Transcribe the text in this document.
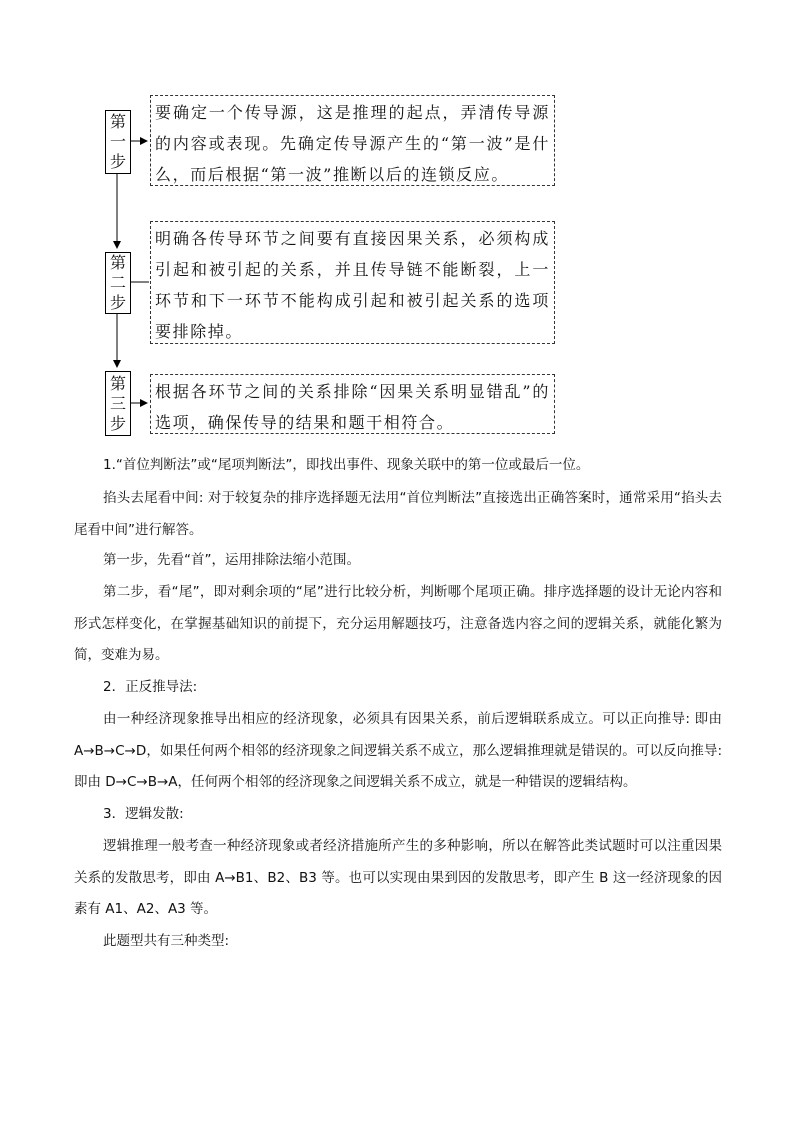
第
一
步

要确定一个传导源，这是推理的起点，弄清传导源的内容或表现。先确定传导源产生的“第一波”是什么，而后根据“第一波”推断以后的连锁反应。

第
二
步

明确各传导环节之间要有直接因果关系，必须构成引起和被引起的关系，并且传导链不能断裂，上一环节和下一环节不能构成引起和被引起关系的选项要排除掉。

第
三
步

根据各环节之间的关系排除“因果关系明显错乱”的选项，确保传导的结果和题干相符合。

1.“首位判断法”或“尾项判断法”，即找出事件、现象关联中的第一位或最后一位。

掐头去尾看中间: 对于较复杂的排序选择题无法用“首位判断法”直接选出正确答案时，通常采用“掐头去尾看中间”进行解答。

第一步，先看“首”，运用排除法缩小范围。

第二步，看“尾”，即对剩余项的“尾”进行比较分析，判断哪个尾项正确。排序选择题的设计无论内容和形式怎样变化，在掌握基础知识的前提下，充分运用解题技巧，注意备选内容之间的逻辑关系，就能化繁为简，变难为易。

2．正反推导法:

由一种经济现象推导出相应的经济现象，必须具有因果关系，前后逻辑联系成立。可以正向推导: 即由 A→B→C→D，如果任何两个相邻的经济现象之间逻辑关系不成立，那么逻辑推理就是错误的。可以反向推导: 即由 D→C→B→A，任何两个相邻的经济现象之间逻辑关系不成立，就是一种错误的逻辑结构。

3．逻辑发散:

逻辑推理一般考查一种经济现象或者经济措施所产生的多种影响，所以在解答此类试题时可以注重因果关系的发散思考，即由 A→B1、B2、B3 等。也可以实现由果到因的发散思考，即产生 B 这一经济现象的因素有 A1、A2、A3 等。

此题型共有三种类型:
